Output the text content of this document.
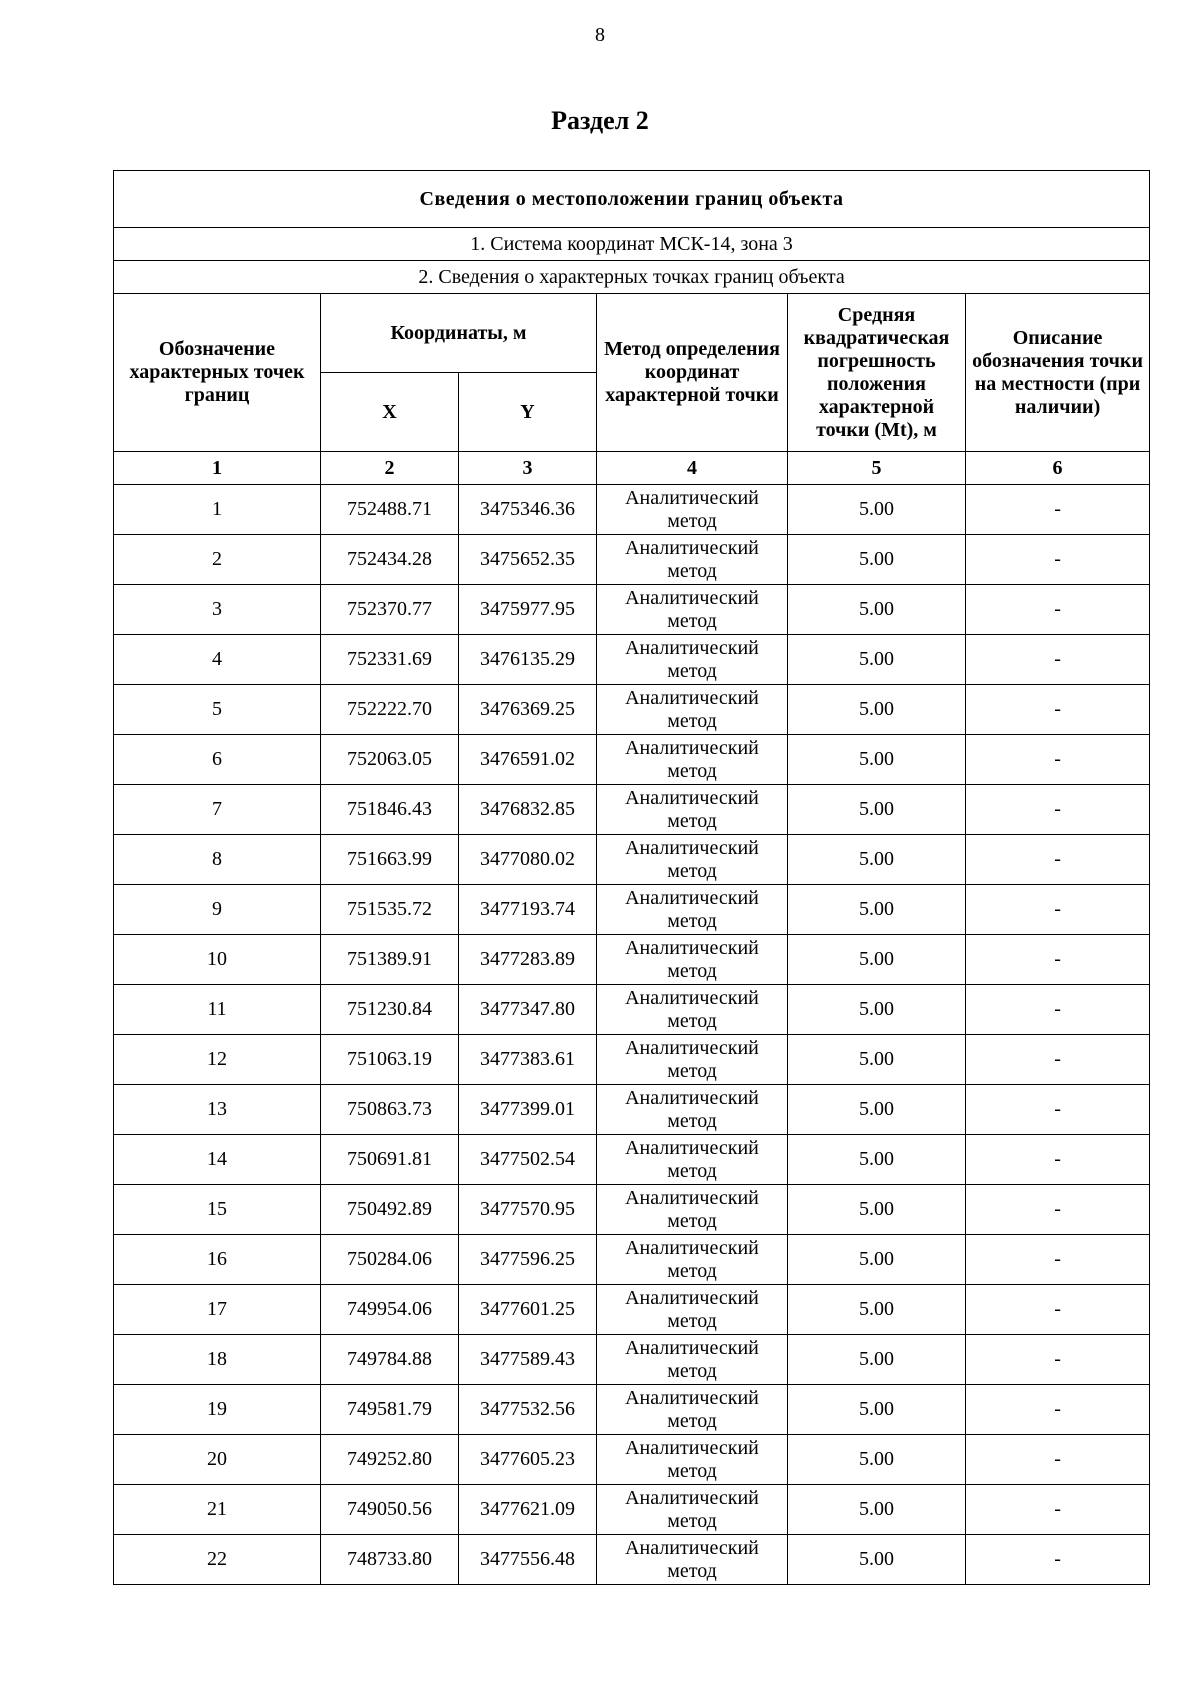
8
Раздел 2
Сведения о местоположении границ объекта					
1. Система координат МСК-14, зона 3					
2. Сведения о характерных точках границ объекта					
Обозначение характерных точек границ	Координаты, м		Метод определения координат характерной точки	Средняя квадратическая погрешность положения характерной точки (Mt), м	Описание обозначения точки на местности (при наличии)
	X	Y			
1	2	3	4	5	6
1	752488.71	3475346.36	Аналитический метод	5.00	-
2	752434.28	3475652.35	Аналитический метод	5.00	-
3	752370.77	3475977.95	Аналитический метод	5.00	-
4	752331.69	3476135.29	Аналитический метод	5.00	-
5	752222.70	3476369.25	Аналитический метод	5.00	-
6	752063.05	3476591.02	Аналитический метод	5.00	-
7	751846.43	3476832.85	Аналитический метод	5.00	-
8	751663.99	3477080.02	Аналитический метод	5.00	-
9	751535.72	3477193.74	Аналитический метод	5.00	-
10	751389.91	3477283.89	Аналитический метод	5.00	-
11	751230.84	3477347.80	Аналитический метод	5.00	-
12	751063.19	3477383.61	Аналитический метод	5.00	-
13	750863.73	3477399.01	Аналитический метод	5.00	-
14	750691.81	3477502.54	Аналитический метод	5.00	-
15	750492.89	3477570.95	Аналитический метод	5.00	-
16	750284.06	3477596.25	Аналитический метод	5.00	-
17	749954.06	3477601.25	Аналитический метод	5.00	-
18	749784.88	3477589.43	Аналитический метод	5.00	-
19	749581.79	3477532.56	Аналитический метод	5.00	-
20	749252.80	3477605.23	Аналитический метод	5.00	-
21	749050.56	3477621.09	Аналитический метод	5.00	-
22	748733.80	3477556.48	Аналитический метод	5.00	-
